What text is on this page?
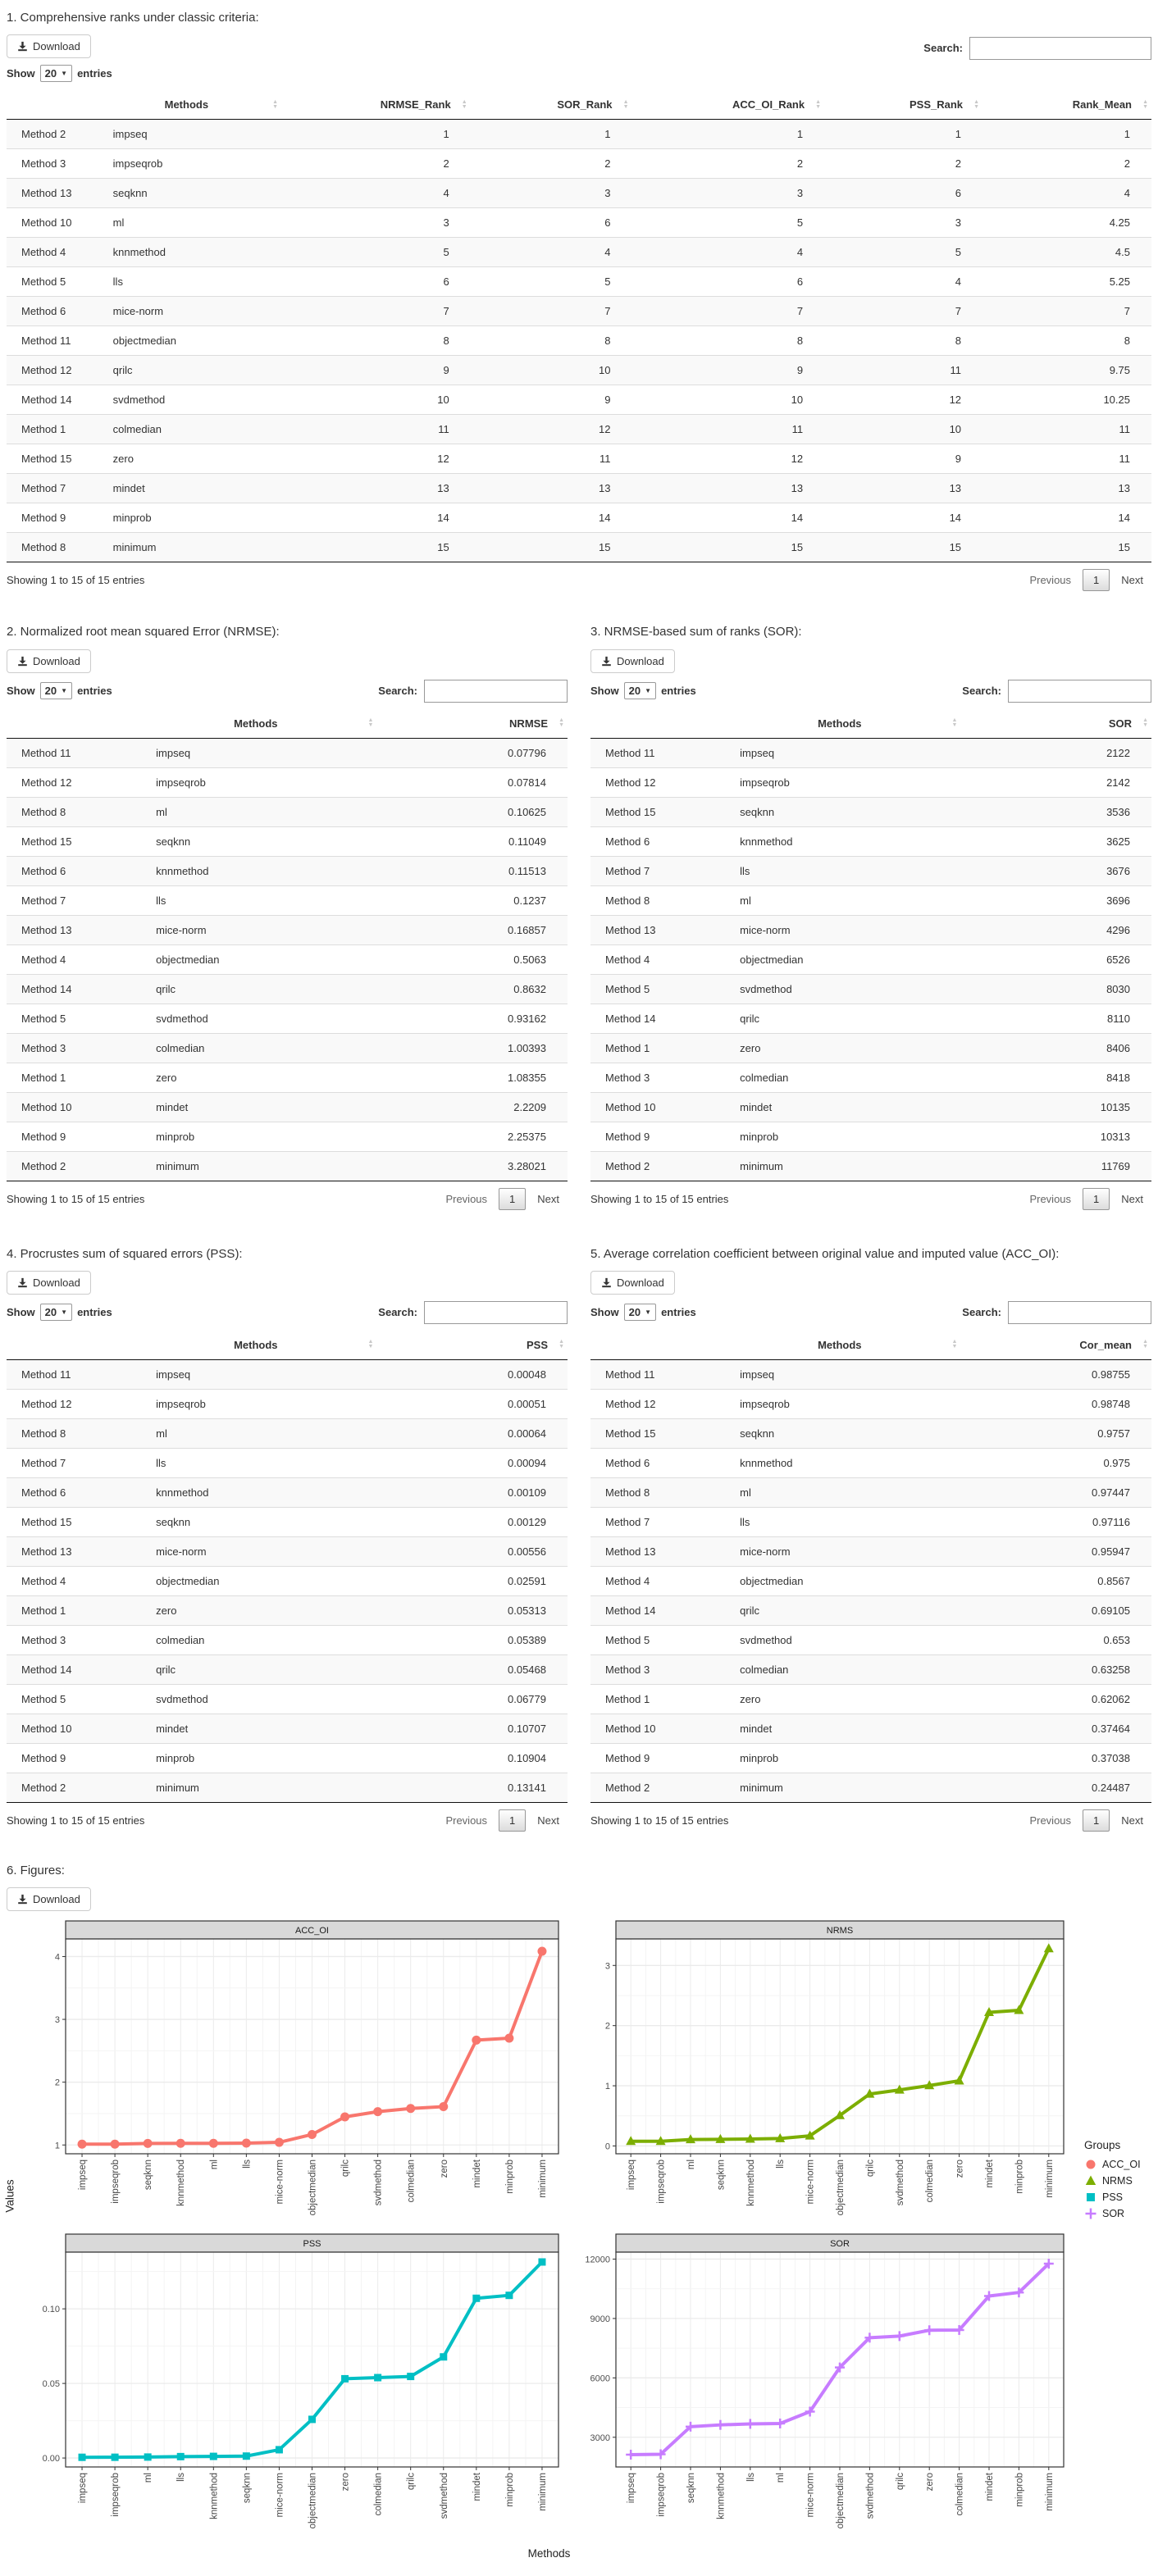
1. Comprehensive ranks under classic criteria:
Download	Search:
Show 20 ▼ entries
	Methods ▲
▼	NRMSE_Rank ▲
▼	SOR_Rank ▲
▼	ACC_OI_Rank ▲
▼	PSS_Rank ▲
▼	Rank_Mean ▲
▼

Method 2	impseq	1	1	1	1	1
Method 3	impseqrob	2	2	2	2	2
Method 13	seqknn	4	3	3	6	4
Method 10	ml	3	6	5	3	4.25
Method 4	knnmethod	5	4	4	5	4.5
Method 5	lls	6	5	6	4	5.25
Method 6	mice-norm	7	7	7	7	7
Method 11	objectmedian	8	8	8	8	8
Method 12	qrilc	9	10	9	11	9.75
Method 14	svdmethod	10	9	10	12	10.25
Method 1	colmedian	11	12	11	10	11
Method 15	zero	12	11	12	9	11
Method 7	mindet	13	13	13	13	13
Method 9	minprob	14	14	14	14	14
Method 8	minimum	15	15	15	15	15
Showing 1 to 15 of 15 entries	Previous	1	Next
2. Normalized root mean squared Error (NRMSE):
Download
Show 20 ▼ entries	Search:
	Methods ▲
▼	NRMSE ▲
▼

Method 11	impseq	0.07796
Method 12	impseqrob	0.07814
Method 8	ml	0.10625
Method 15	seqknn	0.11049
Method 6	knnmethod	0.11513
Method 7	lls	0.1237
Method 13	mice-norm	0.16857
Method 4	objectmedian	0.5063
Method 14	qrilc	0.8632
Method 5	svdmethod	0.93162
Method 3	colmedian	1.00393
Method 1	zero	1.08355
Method 10	mindet	2.2209
Method 9	minprob	2.25375
Method 2	minimum	3.28021
Showing 1 to 15 of 15 entries	Previous	1	Next
3. NRMSE-based sum of ranks (SOR):
Download
Show 20 ▼ entries	Search:
	Methods ▲
▼	SOR ▲
▼

Method 11	impseq	2122
Method 12	impseqrob	2142
Method 15	seqknn	3536
Method 6	knnmethod	3625
Method 7	lls	3676
Method 8	ml	3696
Method 13	mice-norm	4296
Method 4	objectmedian	6526
Method 5	svdmethod	8030
Method 14	qrilc	8110
Method 1	zero	8406
Method 3	colmedian	8418
Method 10	mindet	10135
Method 9	minprob	10313
Method 2	minimum	11769
Showing 1 to 15 of 15 entries	Previous	1	Next
4. Procrustes sum of squared errors (PSS):
Download
Show 20 ▼ entries	Search:
	Methods ▲
▼	PSS ▲
▼

Method 11	impseq	0.00048
Method 12	impseqrob	0.00051
Method 8	ml	0.00064
Method 7	lls	0.00094
Method 6	knnmethod	0.00109
Method 15	seqknn	0.00129
Method 13	mice-norm	0.00556
Method 4	objectmedian	0.02591
Method 1	zero	0.05313
Method 3	colmedian	0.05389
Method 14	qrilc	0.05468
Method 5	svdmethod	0.06779
Method 10	mindet	0.10707
Method 9	minprob	0.10904
Method 2	minimum	0.13141
Showing 1 to 15 of 15 entries	Previous	1	Next
5. Average correlation coefficient between original value and imputed value (ACC_OI):
Download
Show 20 ▼ entries	Search:
	Methods ▲
▼	Cor_mean ▲
▼

Method 11	impseq	0.98755
Method 12	impseqrob	0.98748
Method 15	seqknn	0.9757
Method 6	knnmethod	0.975
Method 8	ml	0.97447
Method 7	lls	0.97116
Method 13	mice-norm	0.95947
Method 4	objectmedian	0.8567
Method 14	qrilc	0.69105
Method 5	svdmethod	0.653
Method 3	colmedian	0.63258
Method 1	zero	0.62062
Method 10	mindet	0.37464
Method 9	minprob	0.37038
Method 2	minimum	0.24487
Showing 1 to 15 of 15 entries	Previous	1	Next
6. Figures:
Download
Values
ACC_OI
1
2
3
4
impseq impseqrob seqknn knnmethod ml lls mice-norm objectmedian qrilc svdmethod colmedian zero mindet minprob minimum
NRMS
0
1
2
3
impseq impseqrob ml seqknn knnmethod lls mice-norm objectmedian qrilc svdmethod colmedian zero mindet minprob minimum
PSS
0.00
0.05
0.10
impseq impseqrob ml lls knnmethod seqknn mice-norm objectmedian zero colmedian qrilc svdmethod mindet minprob minimum
SOR
3000
6000
9000
12000
impseq impseqrob seqknn knnmethod lls ml mice-norm objectmedian svdmethod qrilc zero colmedian mindet minprob minimum
Groups
ACC_OI
NRMS
PSS
SOR
Methods
